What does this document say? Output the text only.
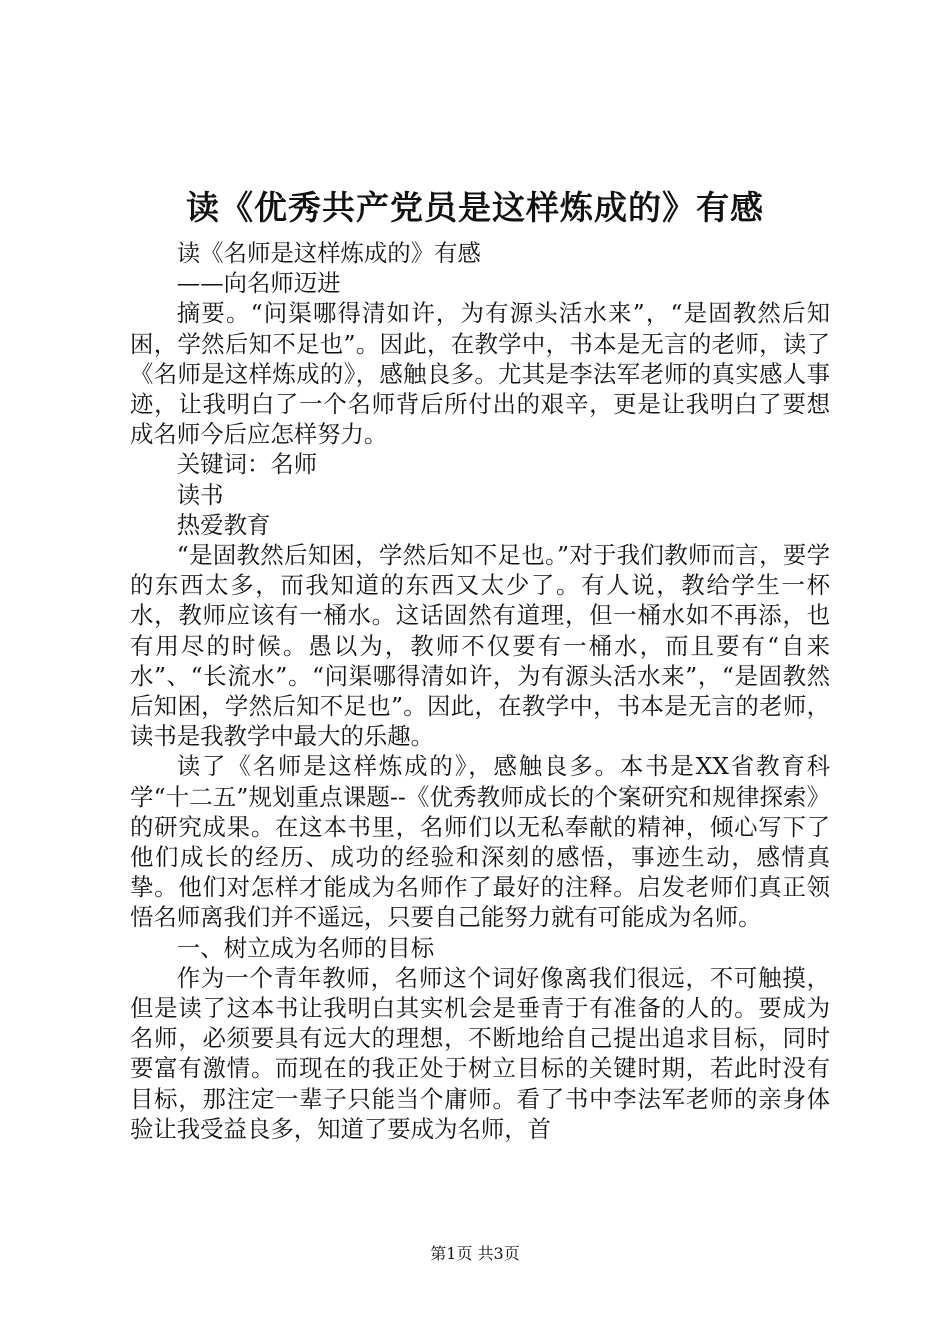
读《优秀共产党员是这样炼成的》有感

读《名师是这样炼成的》有感

——向名师迈进

摘要。“问渠哪得清如许，为有源头活水来”，“是固教然后知困，学然后知不足也”。因此，在教学中，书本是无言的老师，读了《名师是这样炼成的》，感触良多。尤其是李法军老师的真实感人事迹，让我明白了一个名师背后所付出的艰辛，更是让我明白了要想成名师今后应怎样努力。

关键词：名师

读书

热爱教育

“是固教然后知困，学然后知不足也。”对于我们教师而言，要学的东西太多，而我知道的东西又太少了。有人说，教给学生一杯水，教师应该有一桶水。这话固然有道理，但一桶水如不再添，也有用尽的时候。愚以为，教师不仅要有一桶水，而且要有“自来水”、“长流水”。“问渠哪得清如许，为有源头活水来”，“是固教然后知困，学然后知不足也”。因此，在教学中，书本是无言的老师，读书是我教学中最大的乐趣。

读了《名师是这样炼成的》，感触良多。本书是XX省教育科学“十二五”规划重点课题--《优秀教师成长的个案研究和规律探索》的研究成果。在这本书里，名师们以无私奉献的精神，倾心写下了他们成长的经历、成功的经验和深刻的感悟，事迹生动，感情真挚。他们对怎样才能成为名师作了最好的注释。启发老师们真正领悟名师离我们并不遥远，只要自己能努力就有可能成为名师。

一、树立成为名师的目标

作为一个青年教师，名师这个词好像离我们很远，不可触摸，但是读了这本书让我明白其实机会是垂青于有准备的人的。要成为名师，必须要具有远大的理想，不断地给自己提出追求目标，同时要富有激情。而现在的我正处于树立目标的关键时期，若此时没有目标，那注定一辈子只能当个庸师。看了书中李法军老师的亲身体验让我受益良多，知道了要成为名师，首

第1页 共3页
